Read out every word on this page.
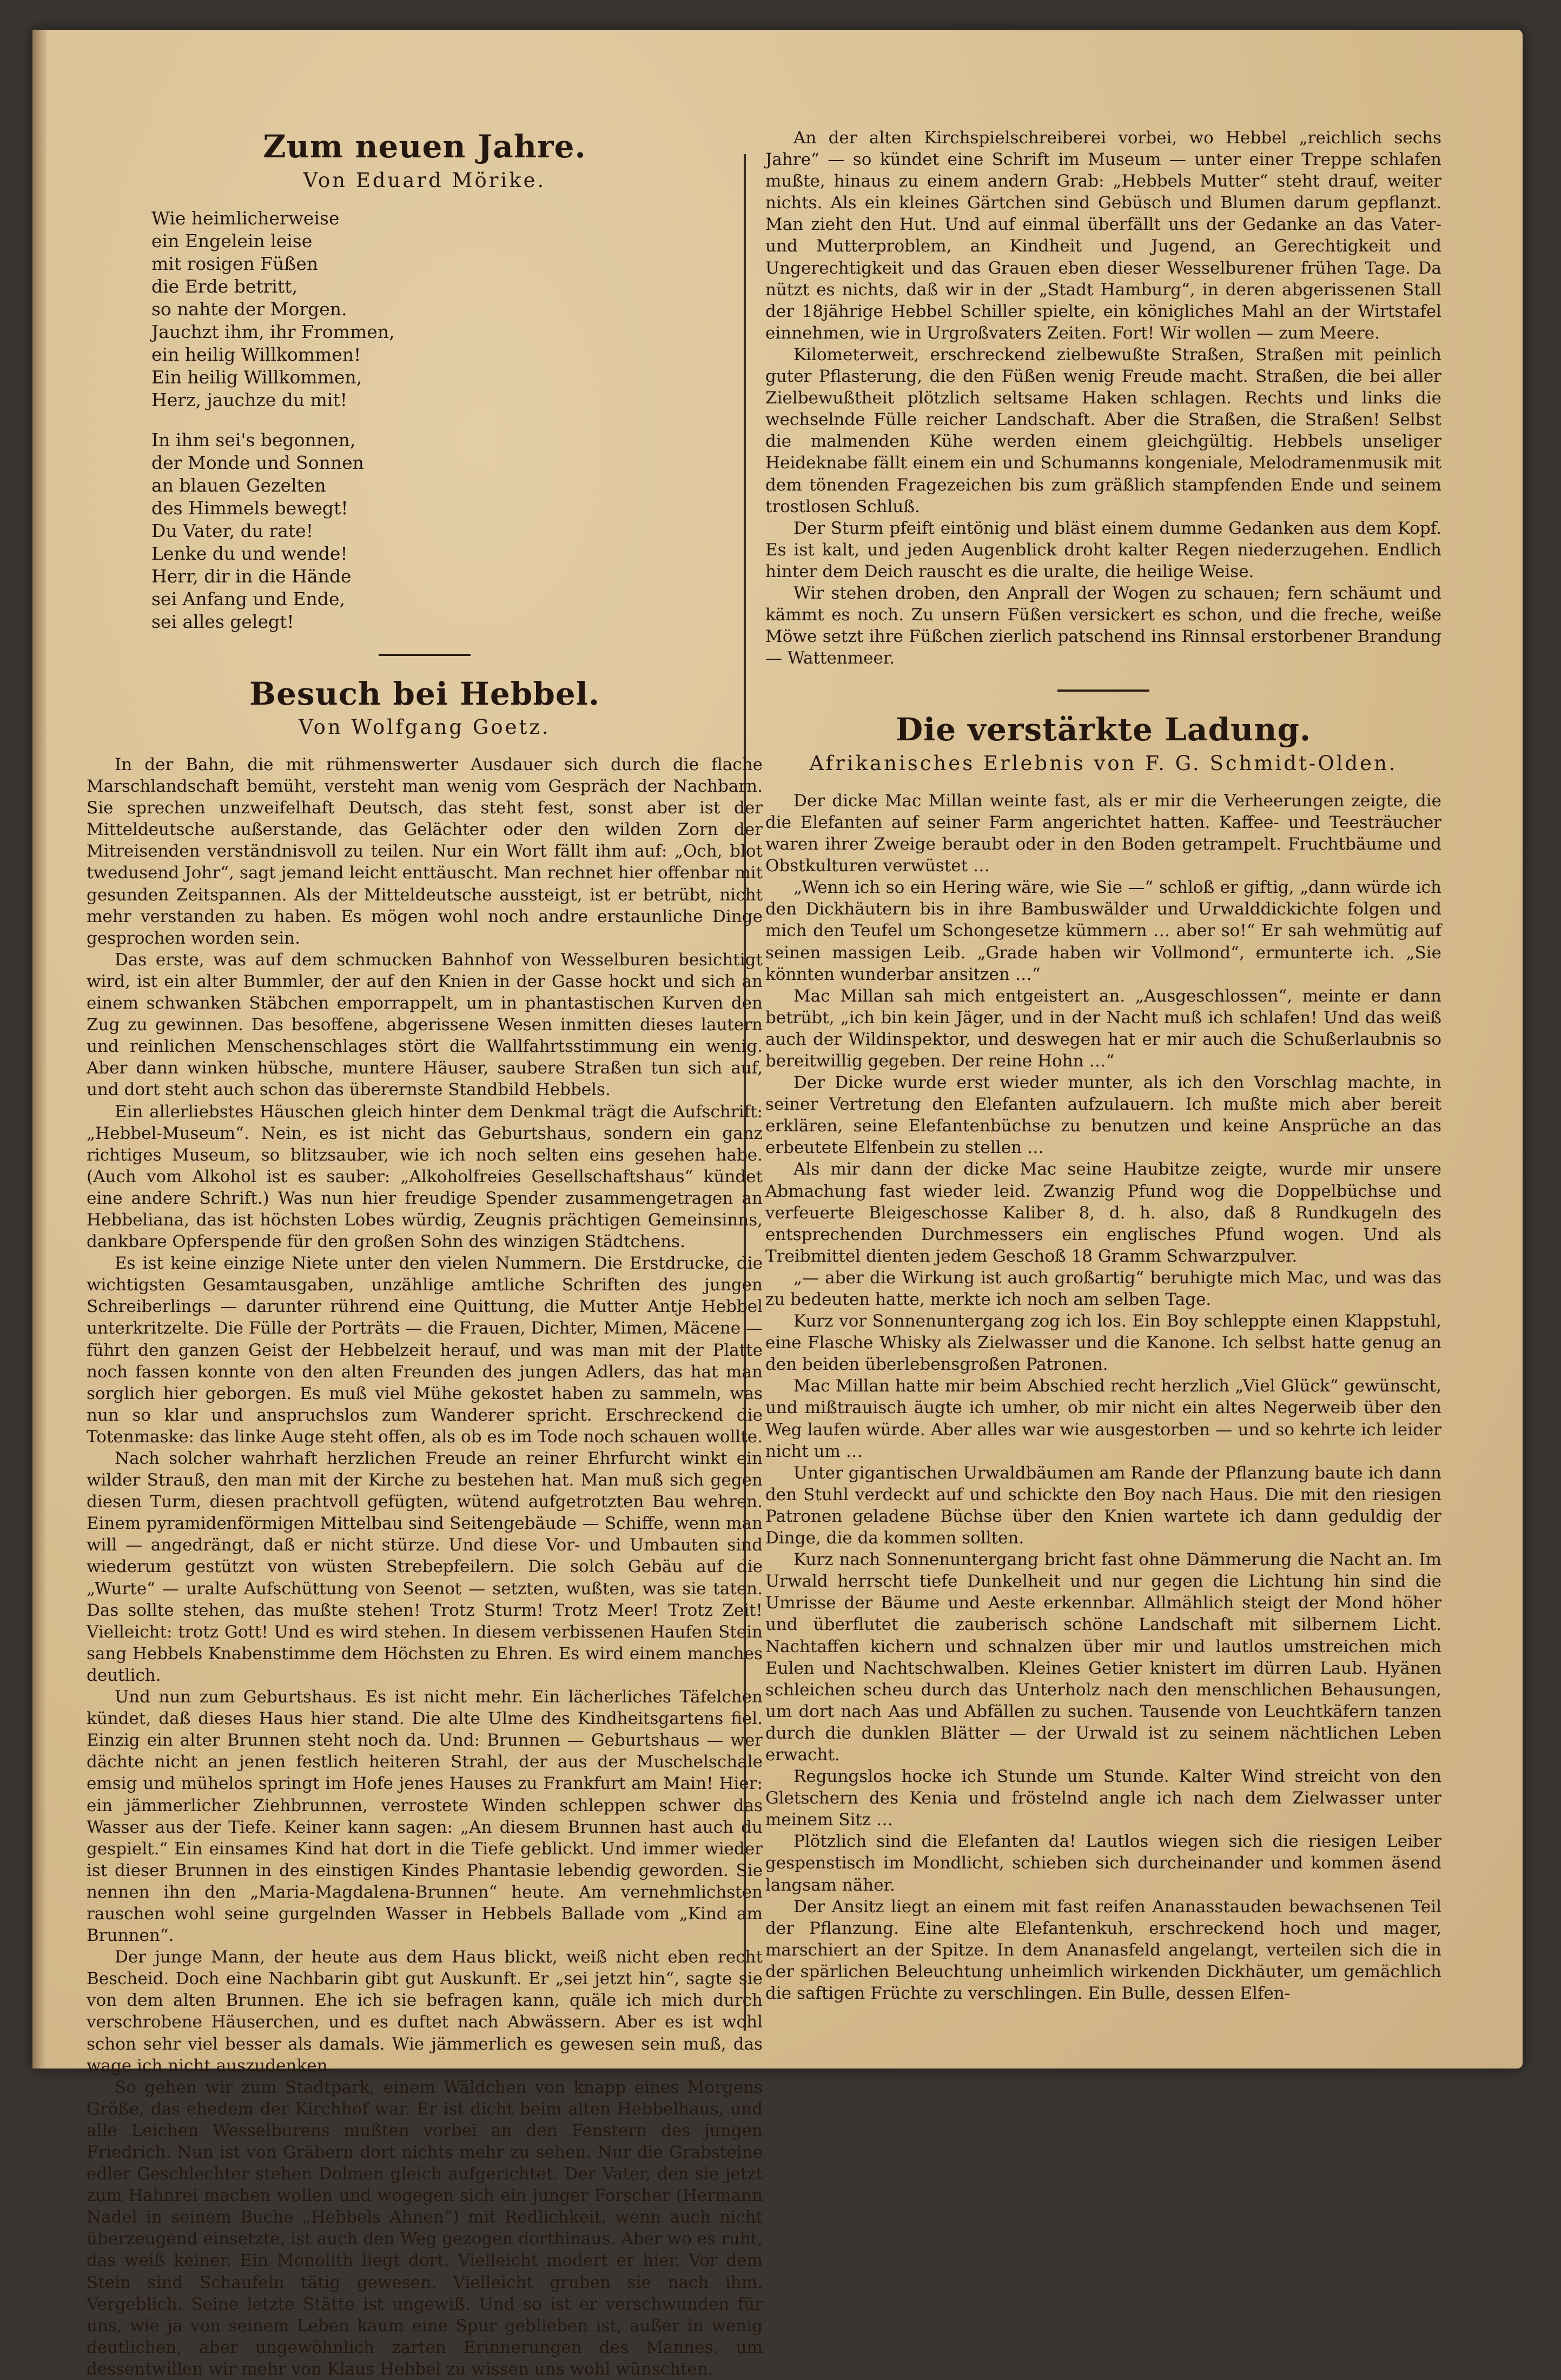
Zum neuen Jahre.
Von Eduard Mörike.
Wie heimlicherweise
ein Engelein leise
mit rosigen Füßen
die Erde betritt,
so nahte der Morgen.
Jauchzt ihm, ihr Frommen,
ein heilig Willkommen!
Ein heilig Willkommen,
Herz, jauchze du mit!
In ihm sei's begonnen,
der Monde und Sonnen
an blauen Gezelten
des Himmels bewegt!
Du Vater, du rate!
Lenke du und wende!
Herr, dir in die Hände
sei Anfang und Ende,
sei alles gelegt!
Besuch bei Hebbel.
Von Wolfgang Goetz.

In der Bahn, die mit rühmenswerter Ausdauer sich durch die flache Marschlandschaft bemüht, versteht man wenig vom Gespräch der Nachbarn. Sie sprechen unzweifelhaft Deutsch, das steht fest, sonst aber ist der Mitteldeutsche außerstande, das Gelächter oder den wilden Zorn der Mitreisenden verständnisvoll zu teilen. Nur ein Wort fällt ihm auf: „Och, blot twedusend Johr“, sagt jemand leicht enttäuscht. Man rechnet hier offenbar mit gesunden Zeitspannen. Als der Mitteldeutsche aussteigt, ist er betrübt, nicht mehr verstanden zu haben. Es mögen wohl noch andre erstaunliche Dinge gesprochen worden sein.

Das erste, was auf dem schmucken Bahnhof von Wesselburen besichtigt wird, ist ein alter Bummler, der auf den Knien in der Gasse hockt und sich an einem schwanken Stäbchen emporrappelt, um in phantastischen Kurven den Zug zu gewinnen. Das besoffene, abgerissene Wesen inmitten dieses lautern und reinlichen Menschenschlages stört die Wallfahrtsstimmung ein wenig. Aber dann winken hübsche, muntere Häuser, saubere Straßen tun sich auf, und dort steht auch schon das überernste Standbild Hebbels.

Ein allerliebstes Häuschen gleich hinter dem Denkmal trägt die Aufschrift: „Hebbel-Museum“. Nein, es ist nicht das Geburtshaus, sondern ein ganz richtiges Museum, so blitzsauber, wie ich noch selten eins gesehen habe. (Auch vom Alkohol ist es sauber: „Alkoholfreies Gesellschaftshaus“ kündet eine andere Schrift.) Was nun hier freudige Spender zusammengetragen an Hebbeliana, das ist höchsten Lobes würdig, Zeugnis prächtigen Gemeinsinns, dankbare Opferspende für den großen Sohn des winzigen Städtchens.

Es ist keine einzige Niete unter den vielen Nummern. Die Erstdrucke, die wichtigsten Gesamtausgaben, unzählige amtliche Schriften des jungen Schreiberlings — darunter rührend eine Quittung, die Mutter Antje Hebbel unterkritzelte. Die Fülle der Porträts — die Frauen, Dichter, Mimen, Mäcene — führt den ganzen Geist der Hebbelzeit herauf, und was man mit der Platte noch fassen konnte von den alten Freunden des jungen Adlers, das hat man sorglich hier geborgen. Es muß viel Mühe gekostet haben zu sammeln, was nun so klar und anspruchslos zum Wanderer spricht. Erschreckend die Totenmaske: das linke Auge steht offen, als ob es im Tode noch schauen wollte.

Nach solcher wahrhaft herzlichen Freude an reiner Ehrfurcht winkt ein wilder Strauß, den man mit der Kirche zu bestehen hat. Man muß sich gegen diesen Turm, diesen prachtvoll gefügten, wütend aufgetrotzten Bau wehren. Einem pyramidenförmigen Mittelbau sind Seitengebäude — Schiffe, wenn man will — angedrängt, daß er nicht stürze. Und diese Vor- und Umbauten sind wiederum gestützt von wüsten Strebepfeilern. Die solch Gebäu auf die „Wurte“ — uralte Aufschüttung von Seenot — setzten, wußten, was sie taten. Das sollte stehen, das mußte stehen! Trotz Sturm! Trotz Meer! Trotz Zeit! Vielleicht: trotz Gott! Und es wird stehen. In diesem verbissenen Haufen Stein sang Hebbels Knabenstimme dem Höchsten zu Ehren. Es wird einem manches deutlich.

Und nun zum Geburtshaus. Es ist nicht mehr. Ein lächerliches Täfelchen kündet, daß dieses Haus hier stand. Die alte Ulme des Kindheitsgartens fiel. Einzig ein alter Brunnen steht noch da. Und: Brunnen — Geburtshaus — wer dächte nicht an jenen festlich heiteren Strahl, der aus der Muschelschale emsig und mühelos springt im Hofe jenes Hauses zu Frankfurt am Main! Hier: ein jämmerlicher Ziehbrunnen, verrostete Winden schleppen schwer das Wasser aus der Tiefe. Keiner kann sagen: „An diesem Brunnen hast auch du gespielt.“ Ein einsames Kind hat dort in die Tiefe geblickt. Und immer wieder ist dieser Brunnen in des einstigen Kindes Phantasie lebendig geworden. Sie nennen ihn den „Maria-Magdalena-Brunnen“ heute. Am vernehmlichsten rauschen wohl seine gurgelnden Wasser in Hebbels Ballade vom „Kind am Brunnen“.

Der junge Mann, der heute aus dem Haus blickt, weiß nicht eben recht Bescheid. Doch eine Nachbarin gibt gut Auskunft. Er „sei jetzt hin“, sagte sie von dem alten Brunnen. Ehe ich sie befragen kann, quäle ich mich durch verschrobene Häuserchen, und es duftet nach Abwässern. Aber es ist wohl schon sehr viel besser als damals. Wie jämmerlich es gewesen sein muß, das wage ich nicht auszudenken.

So gehen wir zum Stadtpark, einem Wäldchen von knapp eines Morgens Größe, das ehedem der Kirchhof war. Er ist dicht beim alten Hebbelhaus, und alle Leichen Wesselburens mußten vorbei an den Fenstern des jungen Friedrich. Nun ist von Gräbern dort nichts mehr zu sehen. Nur die Grabsteine edler Geschlechter stehen Dolmen gleich aufgerichtet. Der Vater, den sie jetzt zum Hahnrei machen wollen und wogegen sich ein junger Forscher (Hermann Nadel in seinem Buche „Hebbels Ahnen“) mit Redlichkeit, wenn auch nicht überzeugend einsetzte, ist auch den Weg gezogen dorthinaus. Aber wo es ruht, das weiß keiner. Ein Monolith liegt dort. Vielleicht modert er hier. Vor dem Stein sind Schaufeln tätig gewesen. Vielleicht gruben sie nach ihm. Vergeblich. Seine letzte Stätte ist ungewiß. Und so ist er verschwunden für uns, wie ja von seinem Leben kaum eine Spur geblieben ist, außer in wenig deutlichen, aber ungewöhnlich zarten Erinnerungen des Mannes, um dessentwillen wir mehr von Klaus Hebbel zu wissen uns wohl wünschten.

An der alten Kirchspielschreiberei vorbei, wo Hebbel „reichlich sechs Jahre“ — so kündet eine Schrift im Museum — unter einer Treppe schlafen mußte, hinaus zu einem andern Grab: „Hebbels Mutter“ steht drauf, weiter nichts. Als ein kleines Gärtchen sind Gebüsch und Blumen darum gepflanzt. Man zieht den Hut. Und auf einmal überfällt uns der Gedanke an das Vater- und Mutterproblem, an Kindheit und Jugend, an Gerechtigkeit und Ungerechtigkeit und das Grauen eben dieser Wesselburener frühen Tage. Da nützt es nichts, daß wir in der „Stadt Hamburg“, in deren abgerissenen Stall der 18jährige Hebbel Schiller spielte, ein königliches Mahl an der Wirtstafel einnehmen, wie in Urgroßvaters Zeiten. Fort! Wir wollen — zum Meere.

Kilometerweit, erschreckend zielbewußte Straßen, Straßen mit peinlich guter Pflasterung, die den Füßen wenig Freude macht. Straßen, die bei aller Zielbewußtheit plötzlich seltsame Haken schlagen. Rechts und links die wechselnde Fülle reicher Landschaft. Aber die Straßen, die Straßen! Selbst die malmenden Kühe werden einem gleichgültig. Hebbels unseliger Heideknabe fällt einem ein und Schumanns kongeniale, Melodramenmusik mit dem tönenden Fragezeichen bis zum gräßlich stampfenden Ende und seinem trostlosen Schluß.

Der Sturm pfeift eintönig und bläst einem dumme Gedanken aus dem Kopf. Es ist kalt, und jeden Augenblick droht kalter Regen niederzugehen. Endlich hinter dem Deich rauscht es die uralte, die heilige Weise.

Wir stehen droben, den Anprall der Wogen zu schauen; fern schäumt und kämmt es noch. Zu unsern Füßen versickert es schon, und die freche, weiße Möwe setzt ihre Füßchen zierlich patschend ins Rinnsal erstorbener Brandung — Wattenmeer.

Die verstärkte Ladung.
Afrikanisches Erlebnis von F. G. Schmidt-Olden.

Der dicke Mac Millan weinte fast, als er mir die Verheerungen zeigte, die die Elefanten auf seiner Farm angerichtet hatten. Kaffee- und Teesträucher waren ihrer Zweige beraubt oder in den Boden getrampelt. Fruchtbäume und Obstkulturen verwüstet …

„Wenn ich so ein Hering wäre, wie Sie —“ schloß er giftig, „dann würde ich den Dickhäutern bis in ihre Bambuswälder und Urwalddickichte folgen und mich den Teufel um Schongesetze kümmern … aber so!“ Er sah wehmütig auf seinen massigen Leib. „Grade haben wir Vollmond“, ermunterte ich. „Sie könnten wunderbar ansitzen …“

Mac Millan sah mich entgeistert an. „Ausgeschlossen“, meinte er dann betrübt, „ich bin kein Jäger, und in der Nacht muß ich schlafen! Und das weiß auch der Wildinspektor, und deswegen hat er mir auch die Schußerlaubnis so bereitwillig gegeben. Der reine Hohn …“

Der Dicke wurde erst wieder munter, als ich den Vorschlag machte, in seiner Vertretung den Elefanten aufzulauern. Ich mußte mich aber bereit erklären, seine Elefantenbüchse zu benutzen und keine Ansprüche an das erbeutete Elfenbein zu stellen …

Als mir dann der dicke Mac seine Haubitze zeigte, wurde mir unsere Abmachung fast wieder leid. Zwanzig Pfund wog die Doppelbüchse und verfeuerte Bleigeschosse Kaliber 8, d. h. also, daß 8 Rundkugeln des entsprechenden Durchmessers ein englisches Pfund wogen. Und als Treibmittel dienten jedem Geschoß 18 Gramm Schwarzpulver.

„— aber die Wirkung ist auch großartig“ beruhigte mich Mac, und was das zu bedeuten hatte, merkte ich noch am selben Tage.

Kurz vor Sonnenuntergang zog ich los. Ein Boy schleppte einen Klappstuhl, eine Flasche Whisky als Zielwasser und die Kanone. Ich selbst hatte genug an den beiden überlebensgroßen Patronen.

Mac Millan hatte mir beim Abschied recht herzlich „Viel Glück“ gewünscht, und mißtrauisch äugte ich umher, ob mir nicht ein altes Negerweib über den Weg laufen würde. Aber alles war wie ausgestorben — und so kehrte ich leider nicht um …

Unter gigantischen Urwaldbäumen am Rande der Pflanzung baute ich dann den Stuhl verdeckt auf und schickte den Boy nach Haus. Die mit den riesigen Patronen geladene Büchse über den Knien wartete ich dann geduldig der Dinge, die da kommen sollten.

Kurz nach Sonnenuntergang bricht fast ohne Dämmerung die Nacht an. Im Urwald herrscht tiefe Dunkelheit und nur gegen die Lichtung hin sind die Umrisse der Bäume und Aeste erkennbar. Allmählich steigt der Mond höher und überflutet die zauberisch schöne Landschaft mit silbernem Licht. Nachtaffen kichern und schnalzen über mir und lautlos umstreichen mich Eulen und Nachtschwalben. Kleines Getier knistert im dürren Laub. Hyänen schleichen scheu durch das Unterholz nach den menschlichen Behausungen, um dort nach Aas und Abfällen zu suchen. Tausende von Leuchtkäfern tanzen durch die dunklen Blätter — der Urwald ist zu seinem nächtlichen Leben erwacht.

Regungslos hocke ich Stunde um Stunde. Kalter Wind streicht von den Gletschern des Kenia und fröstelnd angle ich nach dem Zielwasser unter meinem Sitz …

Plötzlich sind die Elefanten da! Lautlos wiegen sich die riesigen Leiber gespenstisch im Mondlicht, schieben sich durcheinander und kommen äsend langsam näher.

Der Ansitz liegt an einem mit fast reifen Ananasstauden bewachsenen Teil der Pflanzung. Eine alte Elefantenkuh, erschreckend hoch und mager, marschiert an der Spitze. In dem Ananasfeld angelangt, verteilen sich die in der spärlichen Beleuchtung unheimlich wirkenden Dickhäuter, um gemächlich die saftigen Früchte zu verschlingen. Ein Bulle, dessen Elfen-
